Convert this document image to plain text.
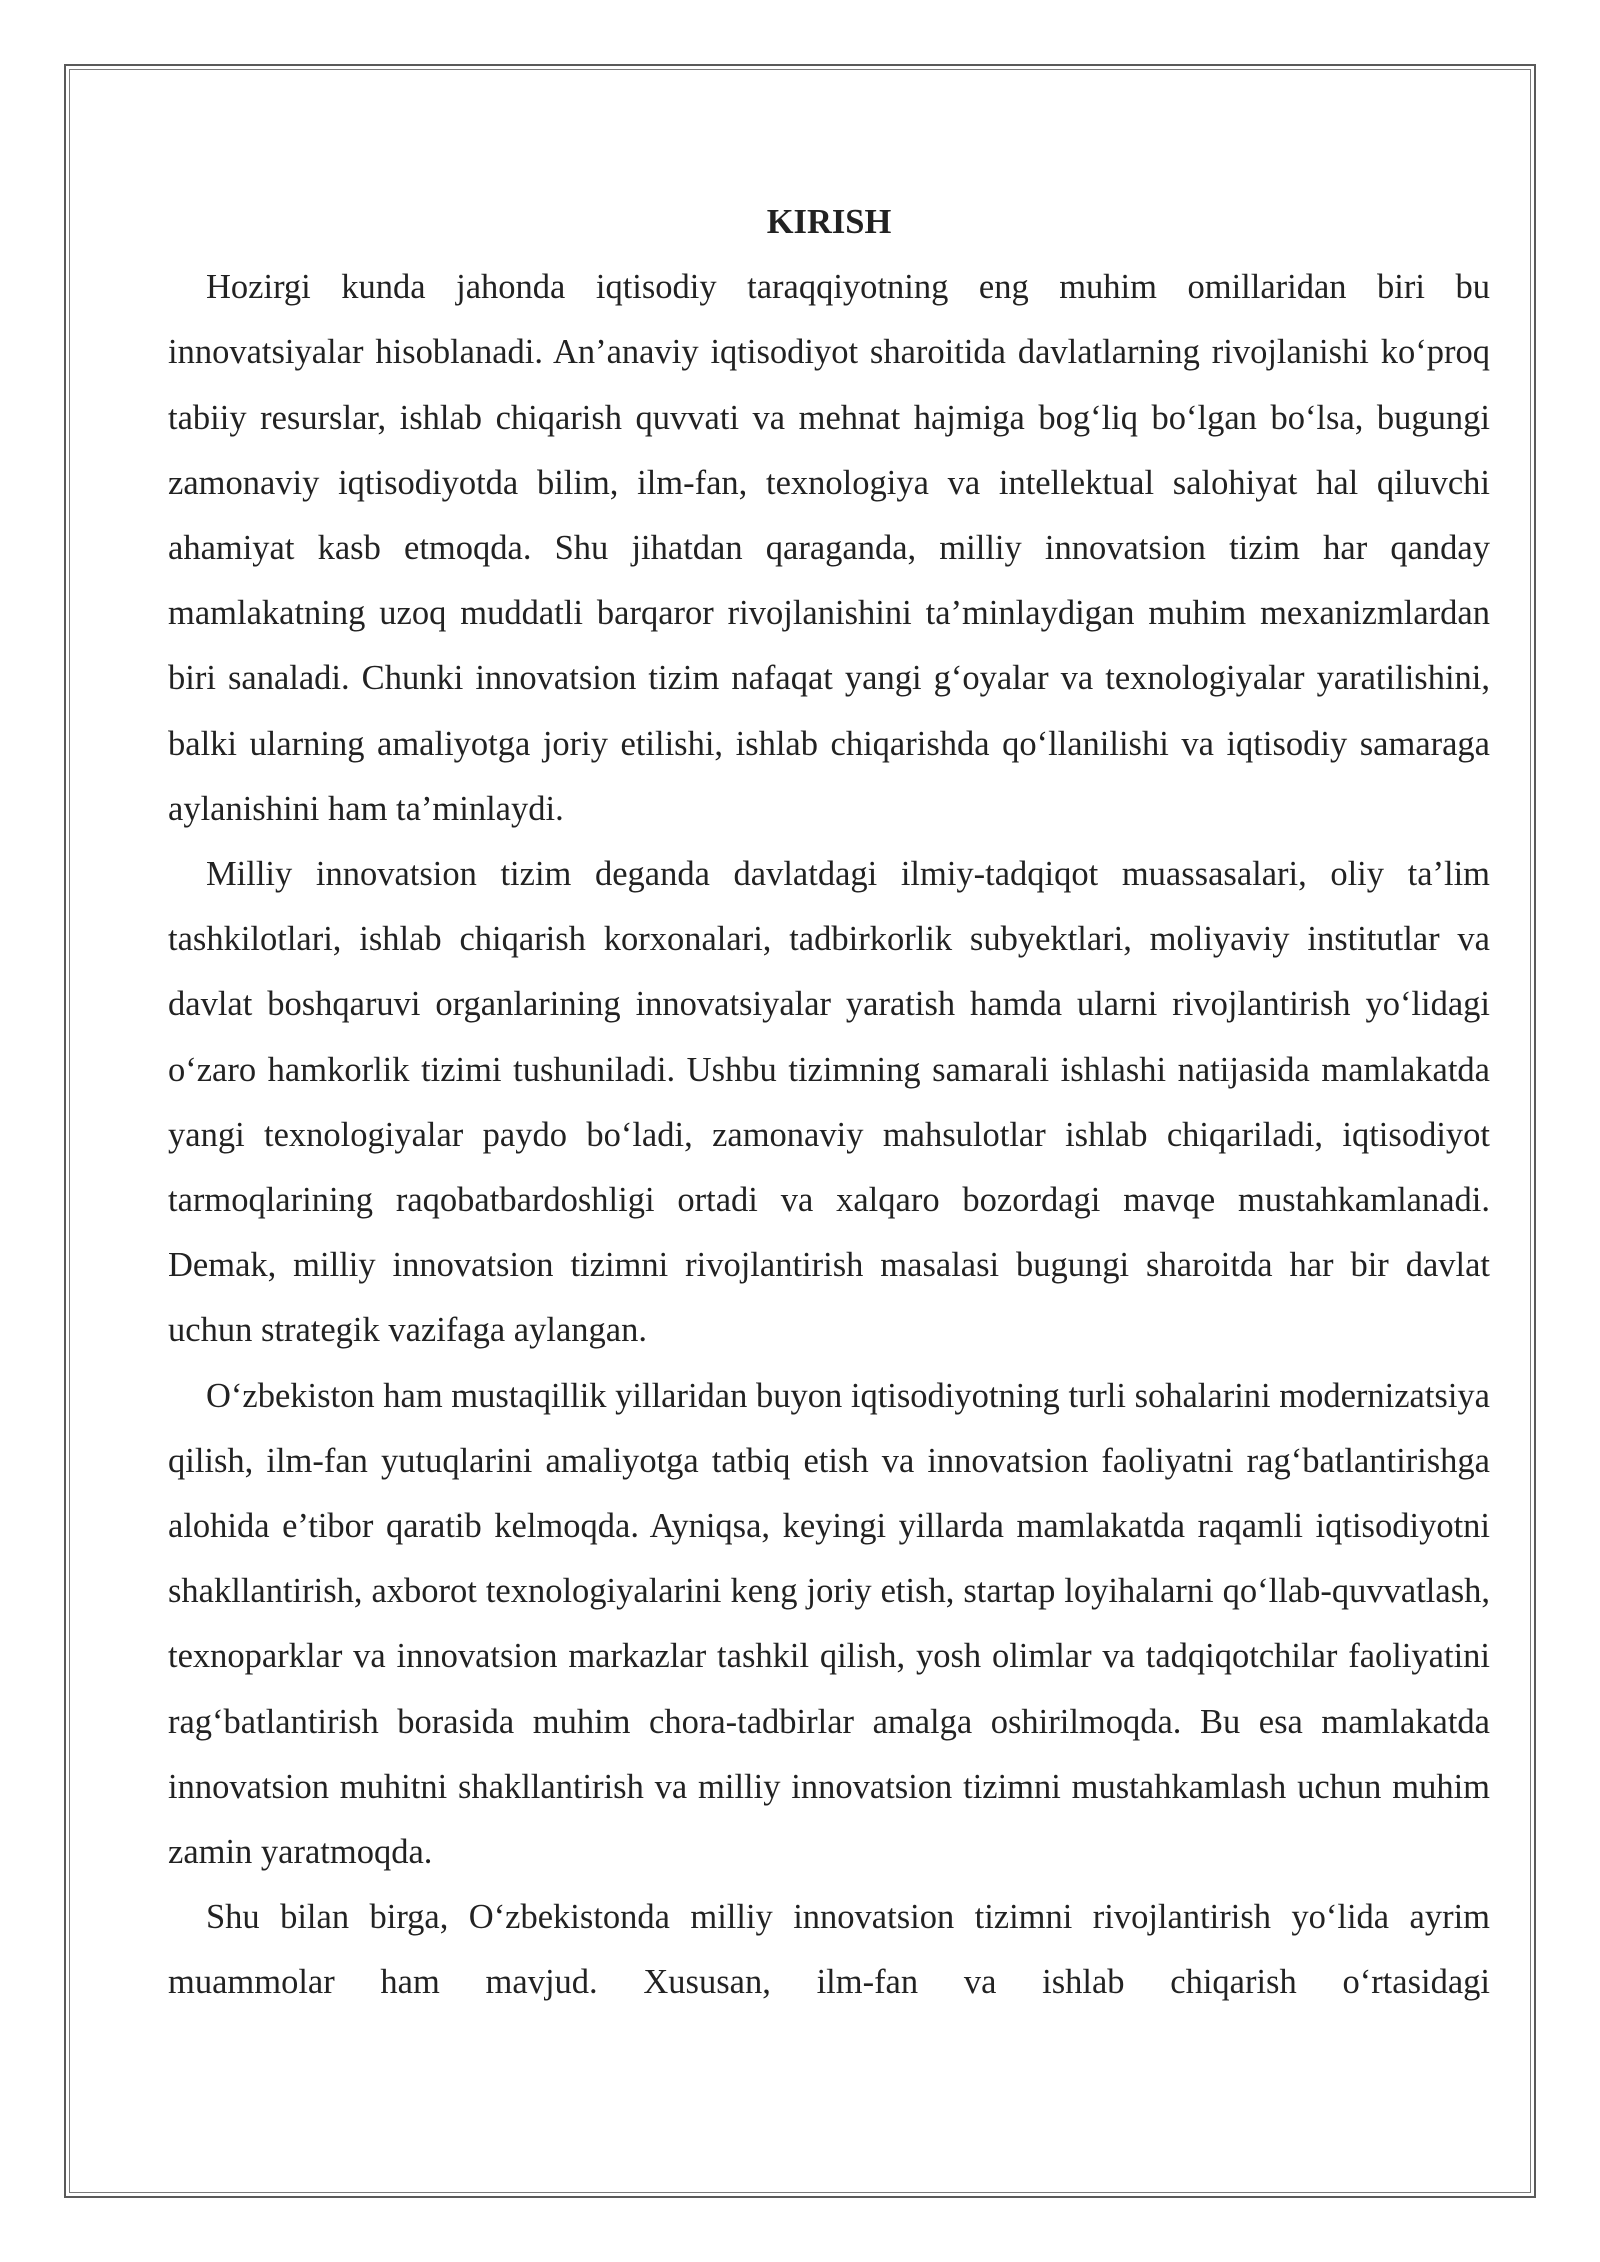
KIRISH

Hozirgi kunda jahonda iqtisodiy taraqqiyotning eng muhim omillaridan biri bu innovatsiyalar hisoblanadi. An’anaviy iqtisodiyot sharoitida davlatlarning rivojlanishi ko‘proq tabiiy resurslar, ishlab chiqarish quvvati va mehnat hajmiga bog‘liq bo‘lgan bo‘lsa, bugungi zamonaviy iqtisodiyotda bilim, ilm-fan, texnologiya va intellektual salohiyat hal qiluvchi ahamiyat kasb etmoqda. Shu jihatdan qaraganda, milliy innovatsion tizim har qanday mamlakatning uzoq muddatli barqaror rivojlanishini ta’minlaydigan muhim mexanizmlardan biri sanaladi. Chunki innovatsion tizim nafaqat yangi g‘oyalar va texnologiyalar yaratilishini, balki ularning amaliyotga joriy etilishi, ishlab chiqarishda qo‘llanilishi va iqtisodiy samaraga aylanishini ham ta’minlaydi.

Milliy innovatsion tizim deganda davlatdagi ilmiy-tadqiqot muassasalari, oliy ta’lim tashkilotlari, ishlab chiqarish korxonalari, tadbirkorlik subyektlari, moliyaviy institutlar va davlat boshqaruvi organlarining innovatsiyalar yaratish hamda ularni rivojlantirish yo‘lidagi o‘zaro hamkorlik tizimi tushuniladi. Ushbu tizimning samarali ishlashi natijasida mamlakatda yangi texnologiyalar paydo bo‘ladi, zamonaviy mahsulotlar ishlab chiqariladi, iqtisodiyot tarmoqlarining raqobatbardoshligi ortadi va xalqaro bozordagi mavqe mustahkamlanadi. Demak, milliy innovatsion tizimni rivojlantirish masalasi bugungi sharoitda har bir davlat uchun strategik vazifaga aylangan.

O‘zbekiston ham mustaqillik yillaridan buyon iqtisodiyotning turli sohalarini modernizatsiya qilish, ilm-fan yutuqlarini amaliyotga tatbiq etish va innovatsion faoliyatni rag‘batlantirishga alohida e’tibor qaratib kelmoqda. Ayniqsa, keyingi yillarda mamlakatda raqamli iqtisodiyotni shakllantirish, axborot texnologiyalarini keng joriy etish, startap loyihalarni qo‘llab-quvvatlash, texnoparklar va innovatsion markazlar tashkil qilish, yosh olimlar va tadqiqotchilar faoliyatini rag‘batlantirish borasida muhim chora-tadbirlar amalga oshirilmoqda. Bu esa mamlakatda innovatsion muhitni shakllantirish va milliy innovatsion tizimni mustahkamlash uchun muhim zamin yaratmoqda.

Shu bilan birga, O‘zbekistonda milliy innovatsion tizimni rivojlantirish yo‘lida ayrim muammolar ham mavjud. Xususan, ilm-fan va ishlab chiqarish o‘rtasidagi
